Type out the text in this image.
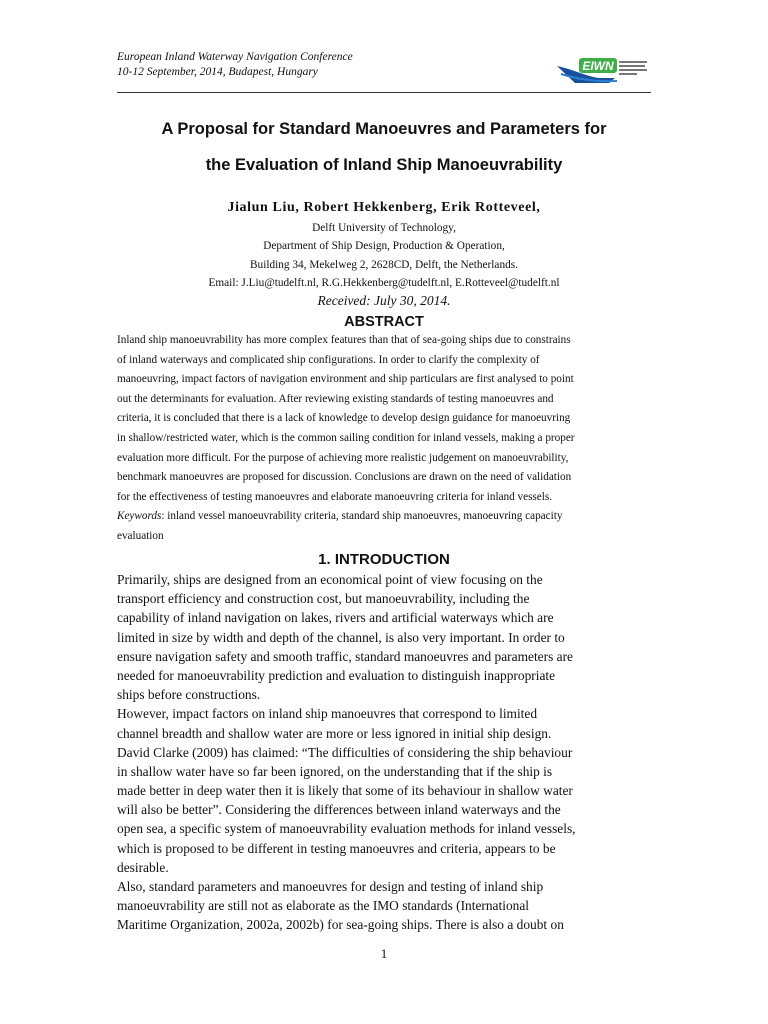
European Inland Waterway Navigation Conference
10-12 September, 2014, Budapest, Hungary	EIWN
A Proposal for Standard Manoeuvres and Parameters for
the Evaluation of Inland Ship Manoeuvrability
Jialun Liu, Robert Hekkenberg, Erik Rotteveel,
Delft University of Technology,
Department of Ship Design, Production & Operation,
Building 34, Mekelweg 2, 2628CD, Delft, the Netherlands.
Email: J.Liu@tudelft.nl, R.G.Hekkenberg@tudelft.nl, E.Rotteveel@tudelft.nl
Received: July 30, 2014.
ABSTRACT
Inland ship manoeuvrability has more complex features than that of sea-going ships due to constrains
of inland waterways and complicated ship configurations. In order to clarify the complexity of
manoeuvring, impact factors of navigation environment and ship particulars are first analysed to point
out the determinants for evaluation. After reviewing existing standards of testing manoeuvres and
criteria, it is concluded that there is a lack of knowledge to develop design guidance for manoeuvring
in shallow/restricted water, which is the common sailing condition for inland vessels, making a proper
evaluation more difficult. For the purpose of achieving more realistic judgement on manoeuvrability,
benchmark manoeuvres are proposed for discussion. Conclusions are drawn on the need of validation
for the effectiveness of testing manoeuvres and elaborate manoeuvring criteria for inland vessels.
Keywords: inland vessel manoeuvrability criteria, standard ship manoeuvres, manoeuvring capacity
evaluation
1. INTRODUCTION
Primarily, ships are designed from an economical point of view focusing on the
transport efficiency and construction cost, but manoeuvrability, including the
capability of inland navigation on lakes, rivers and artificial waterways which are
limited in size by width and depth of the channel, is also very important. In order to
ensure navigation safety and smooth traffic, standard manoeuvres and parameters are
needed for manoeuvrability prediction and evaluation to distinguish inappropriate
ships before constructions.
However, impact factors on inland ship manoeuvres that correspond to limited
channel breadth and shallow water are more or less ignored in initial ship design.
David Clarke (2009) has claimed: “The difficulties of considering the ship behaviour
in shallow water have so far been ignored, on the understanding that if the ship is
made better in deep water then it is likely that some of its behaviour in shallow water
will also be better”. Considering the differences between inland waterways and the
open sea, a specific system of manoeuvrability evaluation methods for inland vessels,
which is proposed to be different in testing manoeuvres and criteria, appears to be
desirable.
Also, standard parameters and manoeuvres for design and testing of inland ship
manoeuvrability are still not as elaborate as the IMO standards (International
Maritime Organization, 2002a, 2002b) for sea-going ships. There is also a doubt on
1
